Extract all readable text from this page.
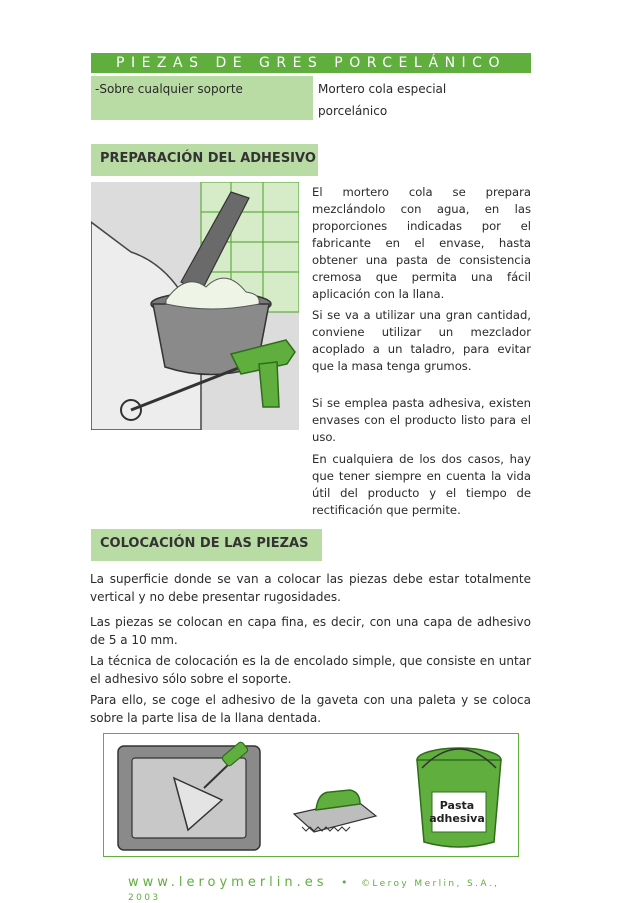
PIEZAS DE GRES PORCELÁNICO
-Sobre cualquier soporte	Mortero cola especial
porcelánico
PREPARACIÓN DEL ADHESIVO
El mortero cola se prepara mezclándolo con agua, en las proporciones indicadas por el fabricante en el envase, hasta obtener una pasta de consistencia cremosa que permita una fácil aplicación con la llana.
Si se va a utilizar una gran cantidad, conviene utilizar un mezclador acoplado a un taladro, para evitar que la masa tenga grumos.
Si se emplea pasta adhesiva, existen envases con el producto listo para el uso.
En cualquiera de los dos casos, hay que tener siempre en cuenta la vida útil del producto y el tiempo de rectificación que permite.
COLOCACIÓN DE LAS PIEZAS
La superficie donde se van a colocar las piezas debe estar totalmente vertical y no debe presentar rugosidades.
Las piezas se colocan en capa fina, es decir, con una capa de adhesivo de 5 a 10 mm.
La técnica de colocación es la de encolado simple, que consiste en untar el adhesivo sólo sobre el soporte.
Para ello, se coge el adhesivo de la gaveta con una paleta y se coloca sobre la parte lisa de la llana dentada.
Pasta
adhesiva
www.leroymerlin.es • ©Leroy Merlin, S.A., 2003
